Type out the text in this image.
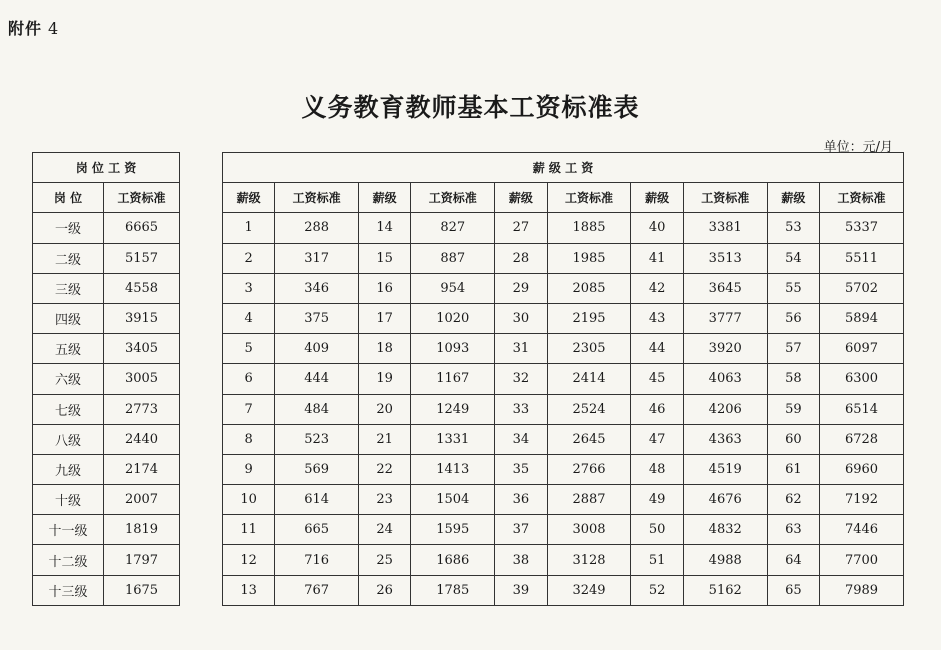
附件 4
义务教育教师基本工资标准表
单位：元/月
岗 位 工 资	
岗 位	工资标准
一级	6665
二级	5157
三级	4558
四级	3915
五级	3405
六级	3005
七级	2773
八级	2440
九级	2174
十级	2007
十一级	1819
十二级	1797
十三级	1675
薪 级 工 资									
薪级	工资标准	薪级	工资标准	薪级	工资标准	薪级	工资标准	薪级	工资标准
1	288	14	827	27	1885	40	3381	53	5337
2	317	15	887	28	1985	41	3513	54	5511
3	346	16	954	29	2085	42	3645	55	5702
4	375	17	1020	30	2195	43	3777	56	5894
5	409	18	1093	31	2305	44	3920	57	6097
6	444	19	1167	32	2414	45	4063	58	6300
7	484	20	1249	33	2524	46	4206	59	6514
8	523	21	1331	34	2645	47	4363	60	6728
9	569	22	1413	35	2766	48	4519	61	6960
10	614	23	1504	36	2887	49	4676	62	7192
11	665	24	1595	37	3008	50	4832	63	7446
12	716	25	1686	38	3128	51	4988	64	7700
13	767	26	1785	39	3249	52	5162	65	7989
